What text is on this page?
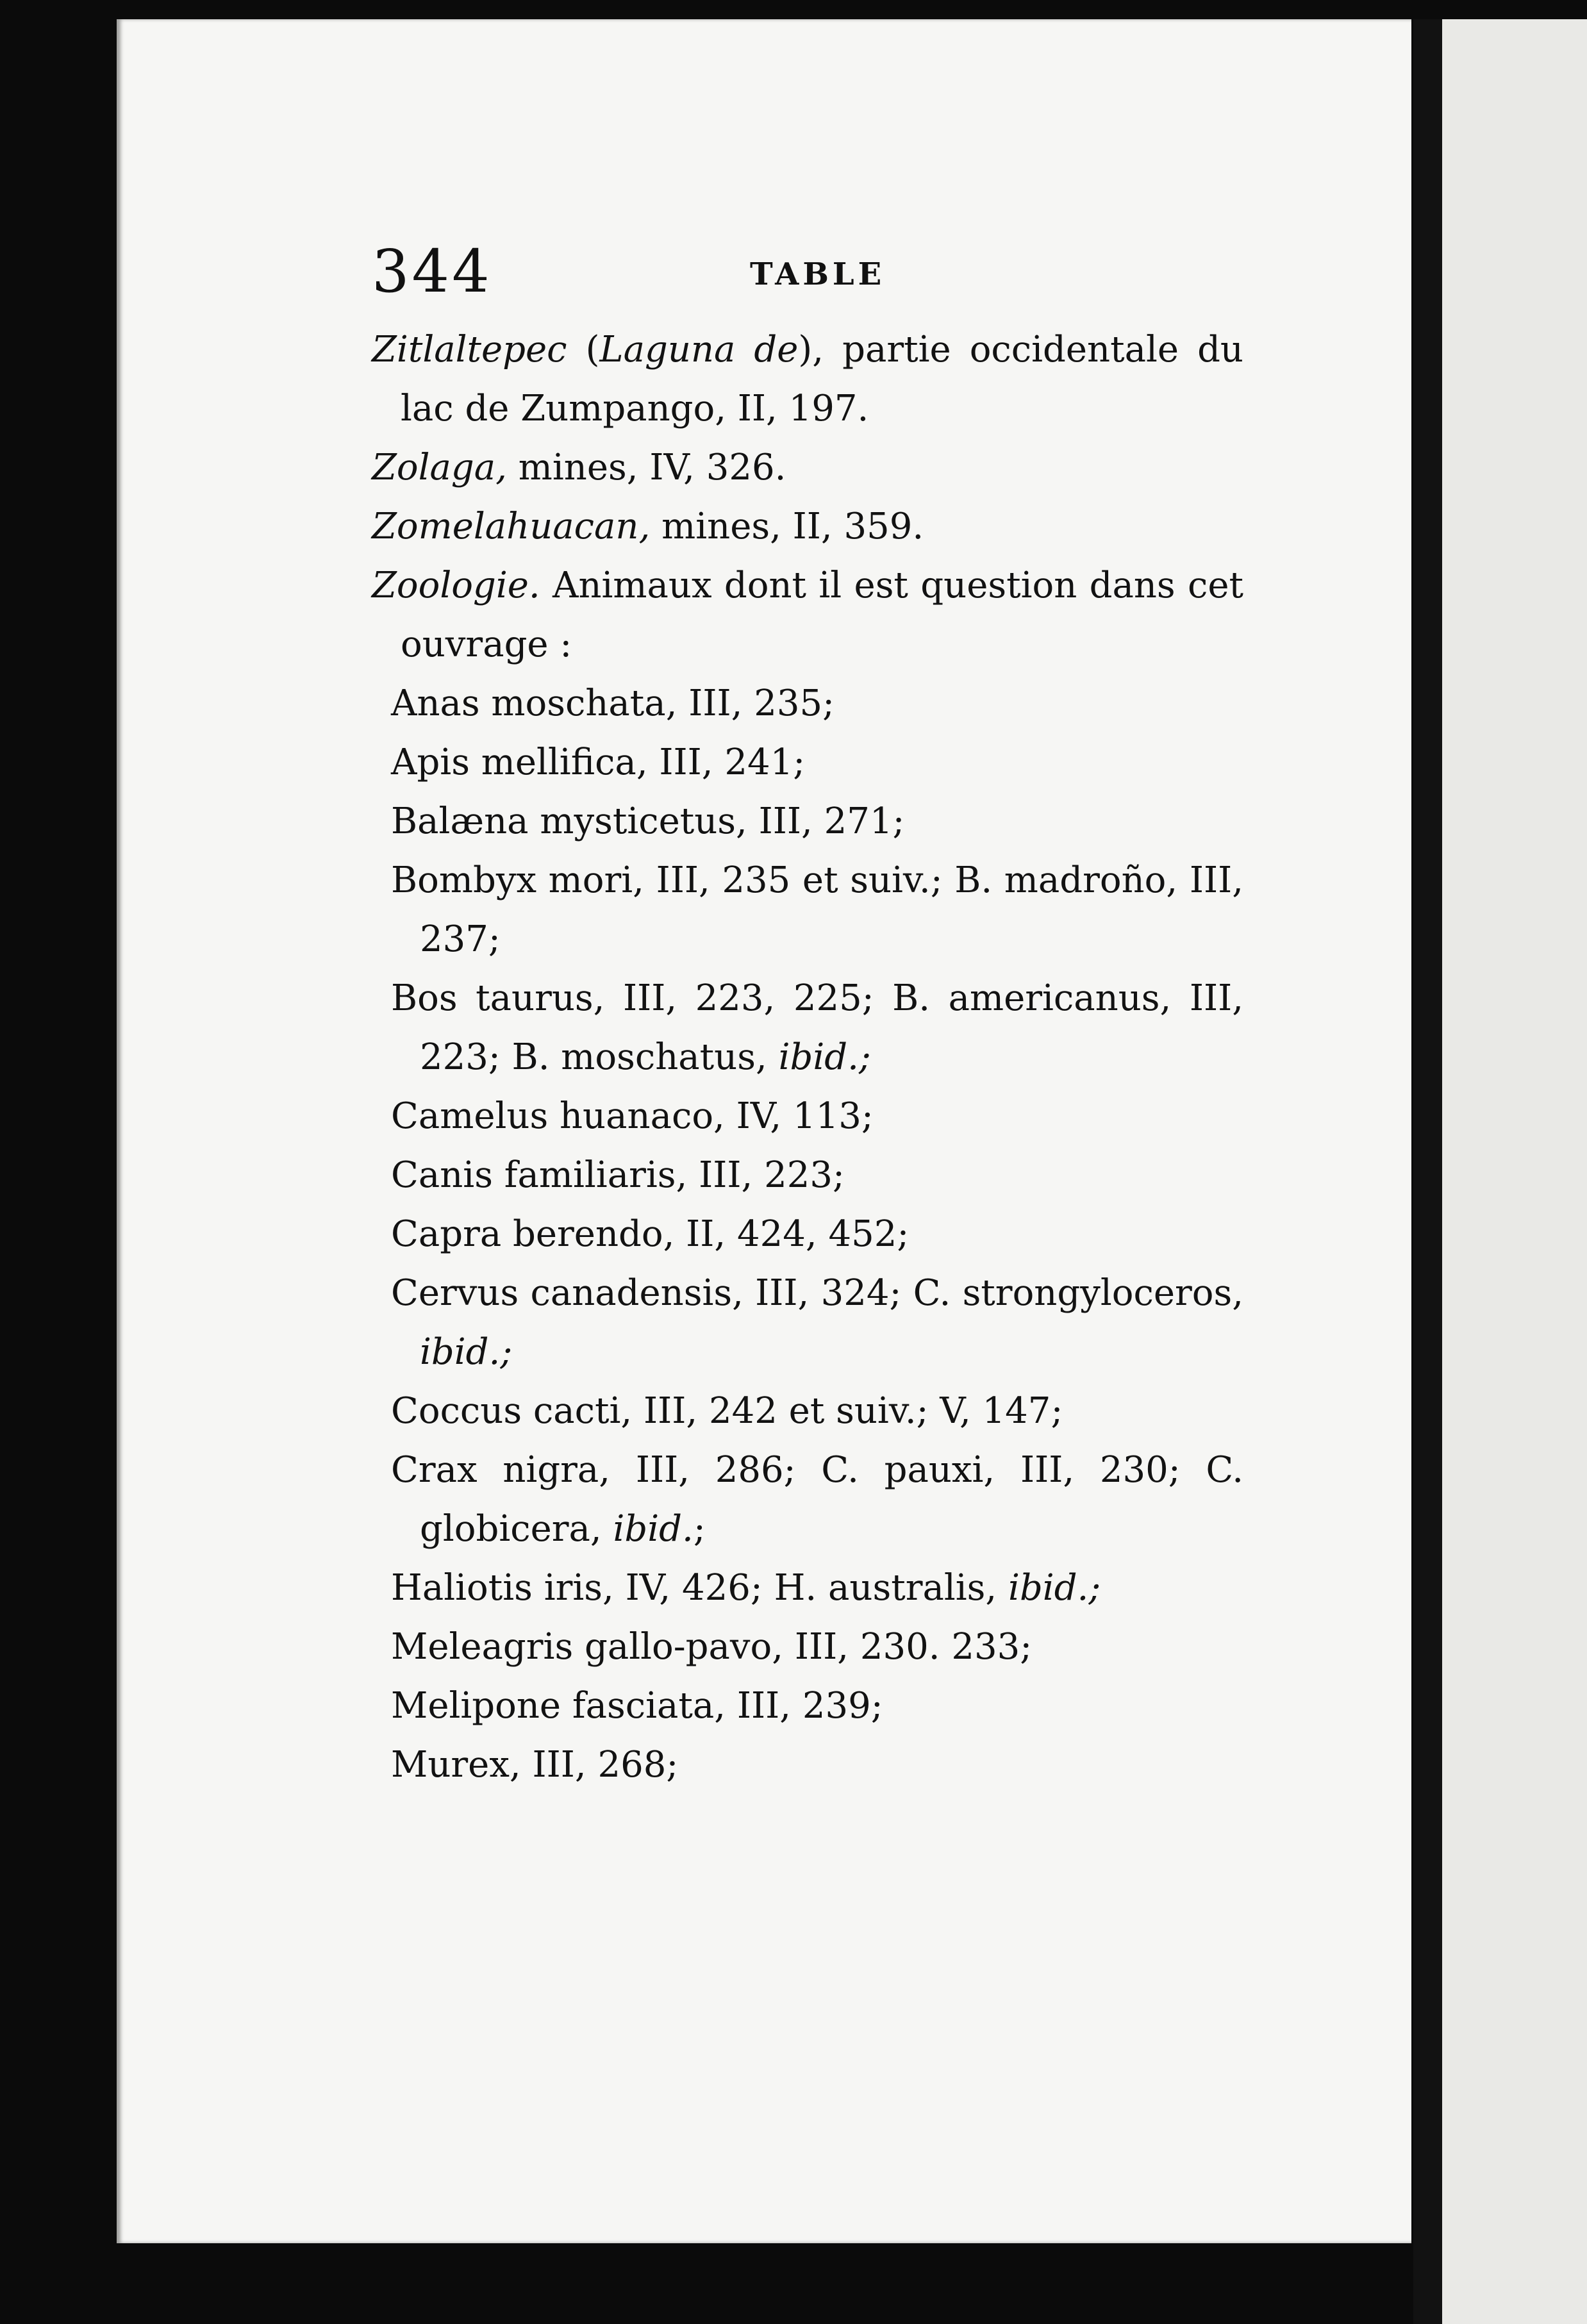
344	TABLE
Zitlaltepec (Laguna de), partie occidentale du lac de Zumpango, II, 197.
Zolaga, mines, IV, 326.
Zomelahuacan, mines, II, 359.
Zoologie. Animaux dont il est question dans cet ouvrage :
Anas moschata, III, 235;
Apis mellifica, III, 241;
Balæna mysticetus, III, 271;
Bombyx mori, III, 235 et suiv.; B. madroño, III, 237;
Bos taurus, III, 223, 225; B. americanus, III, 223; B. moschatus, ibid.;
Camelus huanaco, IV, 113;
Canis familiaris, III, 223;
Capra berendo, II, 424, 452;
Cervus canadensis, III, 324; C. strongyloceros, ibid.;
Coccus cacti, III, 242 et suiv.; V, 147;
Crax nigra, III, 286; C. pauxi, III, 230; C. globicera, ibid.;
Haliotis iris, IV, 426; H. australis, ibid.;
Meleagris gallo-pavo, III, 230. 233;
Melipone fasciata, III, 239;
Murex, III, 268;
